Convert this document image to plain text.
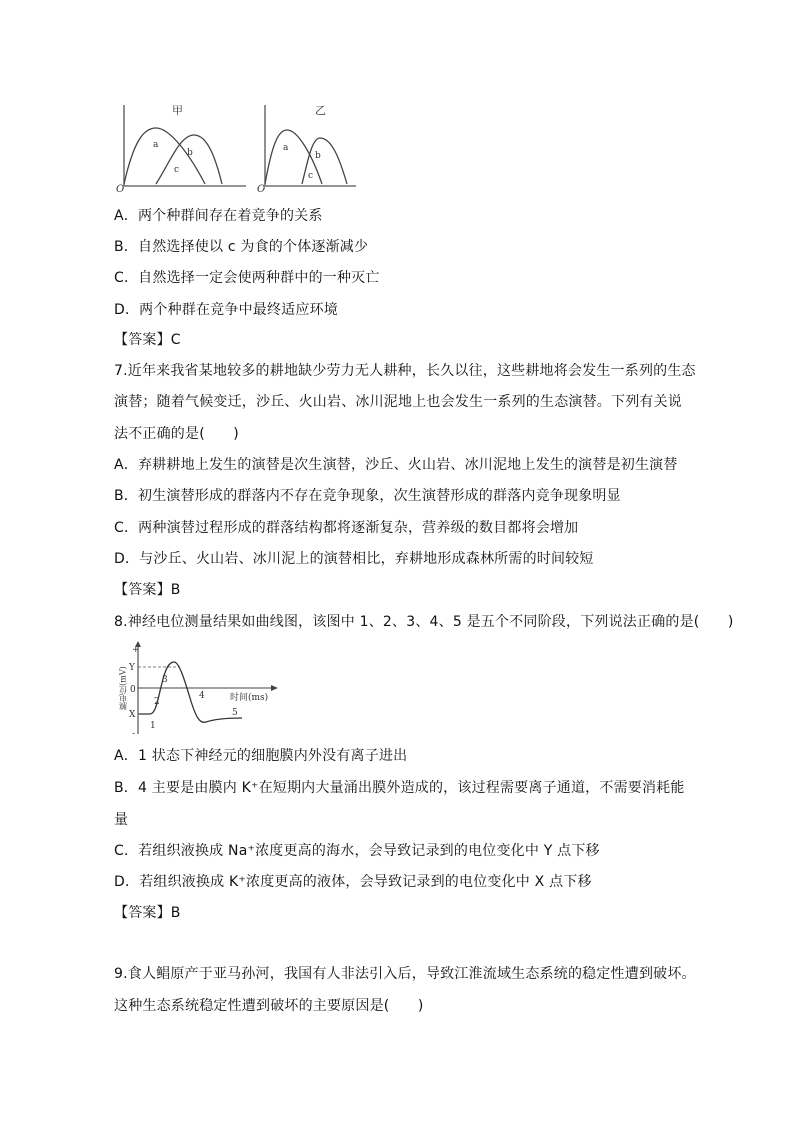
甲
O
a
b
c
乙
O
a
b
c
A．两个种群间存在着竞争的关系
B．自然选择使以 c 为食的个体逐渐减少
C．自然选择一定会使两种群中的一种灭亡
D．两个种群在竞争中最终适应环境
【答案】C
7.近年来我省某地较多的耕地缺少劳力无人耕种，长久以往，这些耕地将会发生一系列的生态
演替；随着气候变迁，沙丘、火山岩、冰川泥地上也会发生一系列的生态演替。下列有关说
法不正确的是(　　)
A．弃耕耕地上发生的演替是次生演替，沙丘、火山岩、冰川泥地上发生的演替是初生演替
B．初生演替形成的群落内不存在竞争现象，次生演替形成的群落内竞争现象明显
C．两种演替过程形成的群落结构都将逐渐复杂，营养级的数目都将会增加
D．与沙丘、火山岩、冰川泥上的演替相比，弃耕地形成森林所需的时间较短
【答案】B
8.神经电位测量结果如曲线图，该图中 1、2、3、4、5 是五个不同阶段，下列说法正确的是(　　)
+
-
膜电位(mV) Y
0
X
时间(ms)
1
2
3
4
5
A．1 状态下神经元的细胞膜内外没有离子进出
B．4 主要是由膜内 K⁺在短期内大量涌出膜外造成的，该过程需要离子通道，不需要消耗能
量
C．若组织液换成 Na⁺浓度更高的海水，会导致记录到的电位变化中 Y 点下移
D．若组织液换成 K⁺浓度更高的液体，会导致记录到的电位变化中 X 点下移
【答案】B
9.食人鲳原产于亚马孙河，我国有人非法引入后，导致江淮流域生态系统的稳定性遭到破坏。
这种生态系统稳定性遭到破坏的主要原因是(　　)
